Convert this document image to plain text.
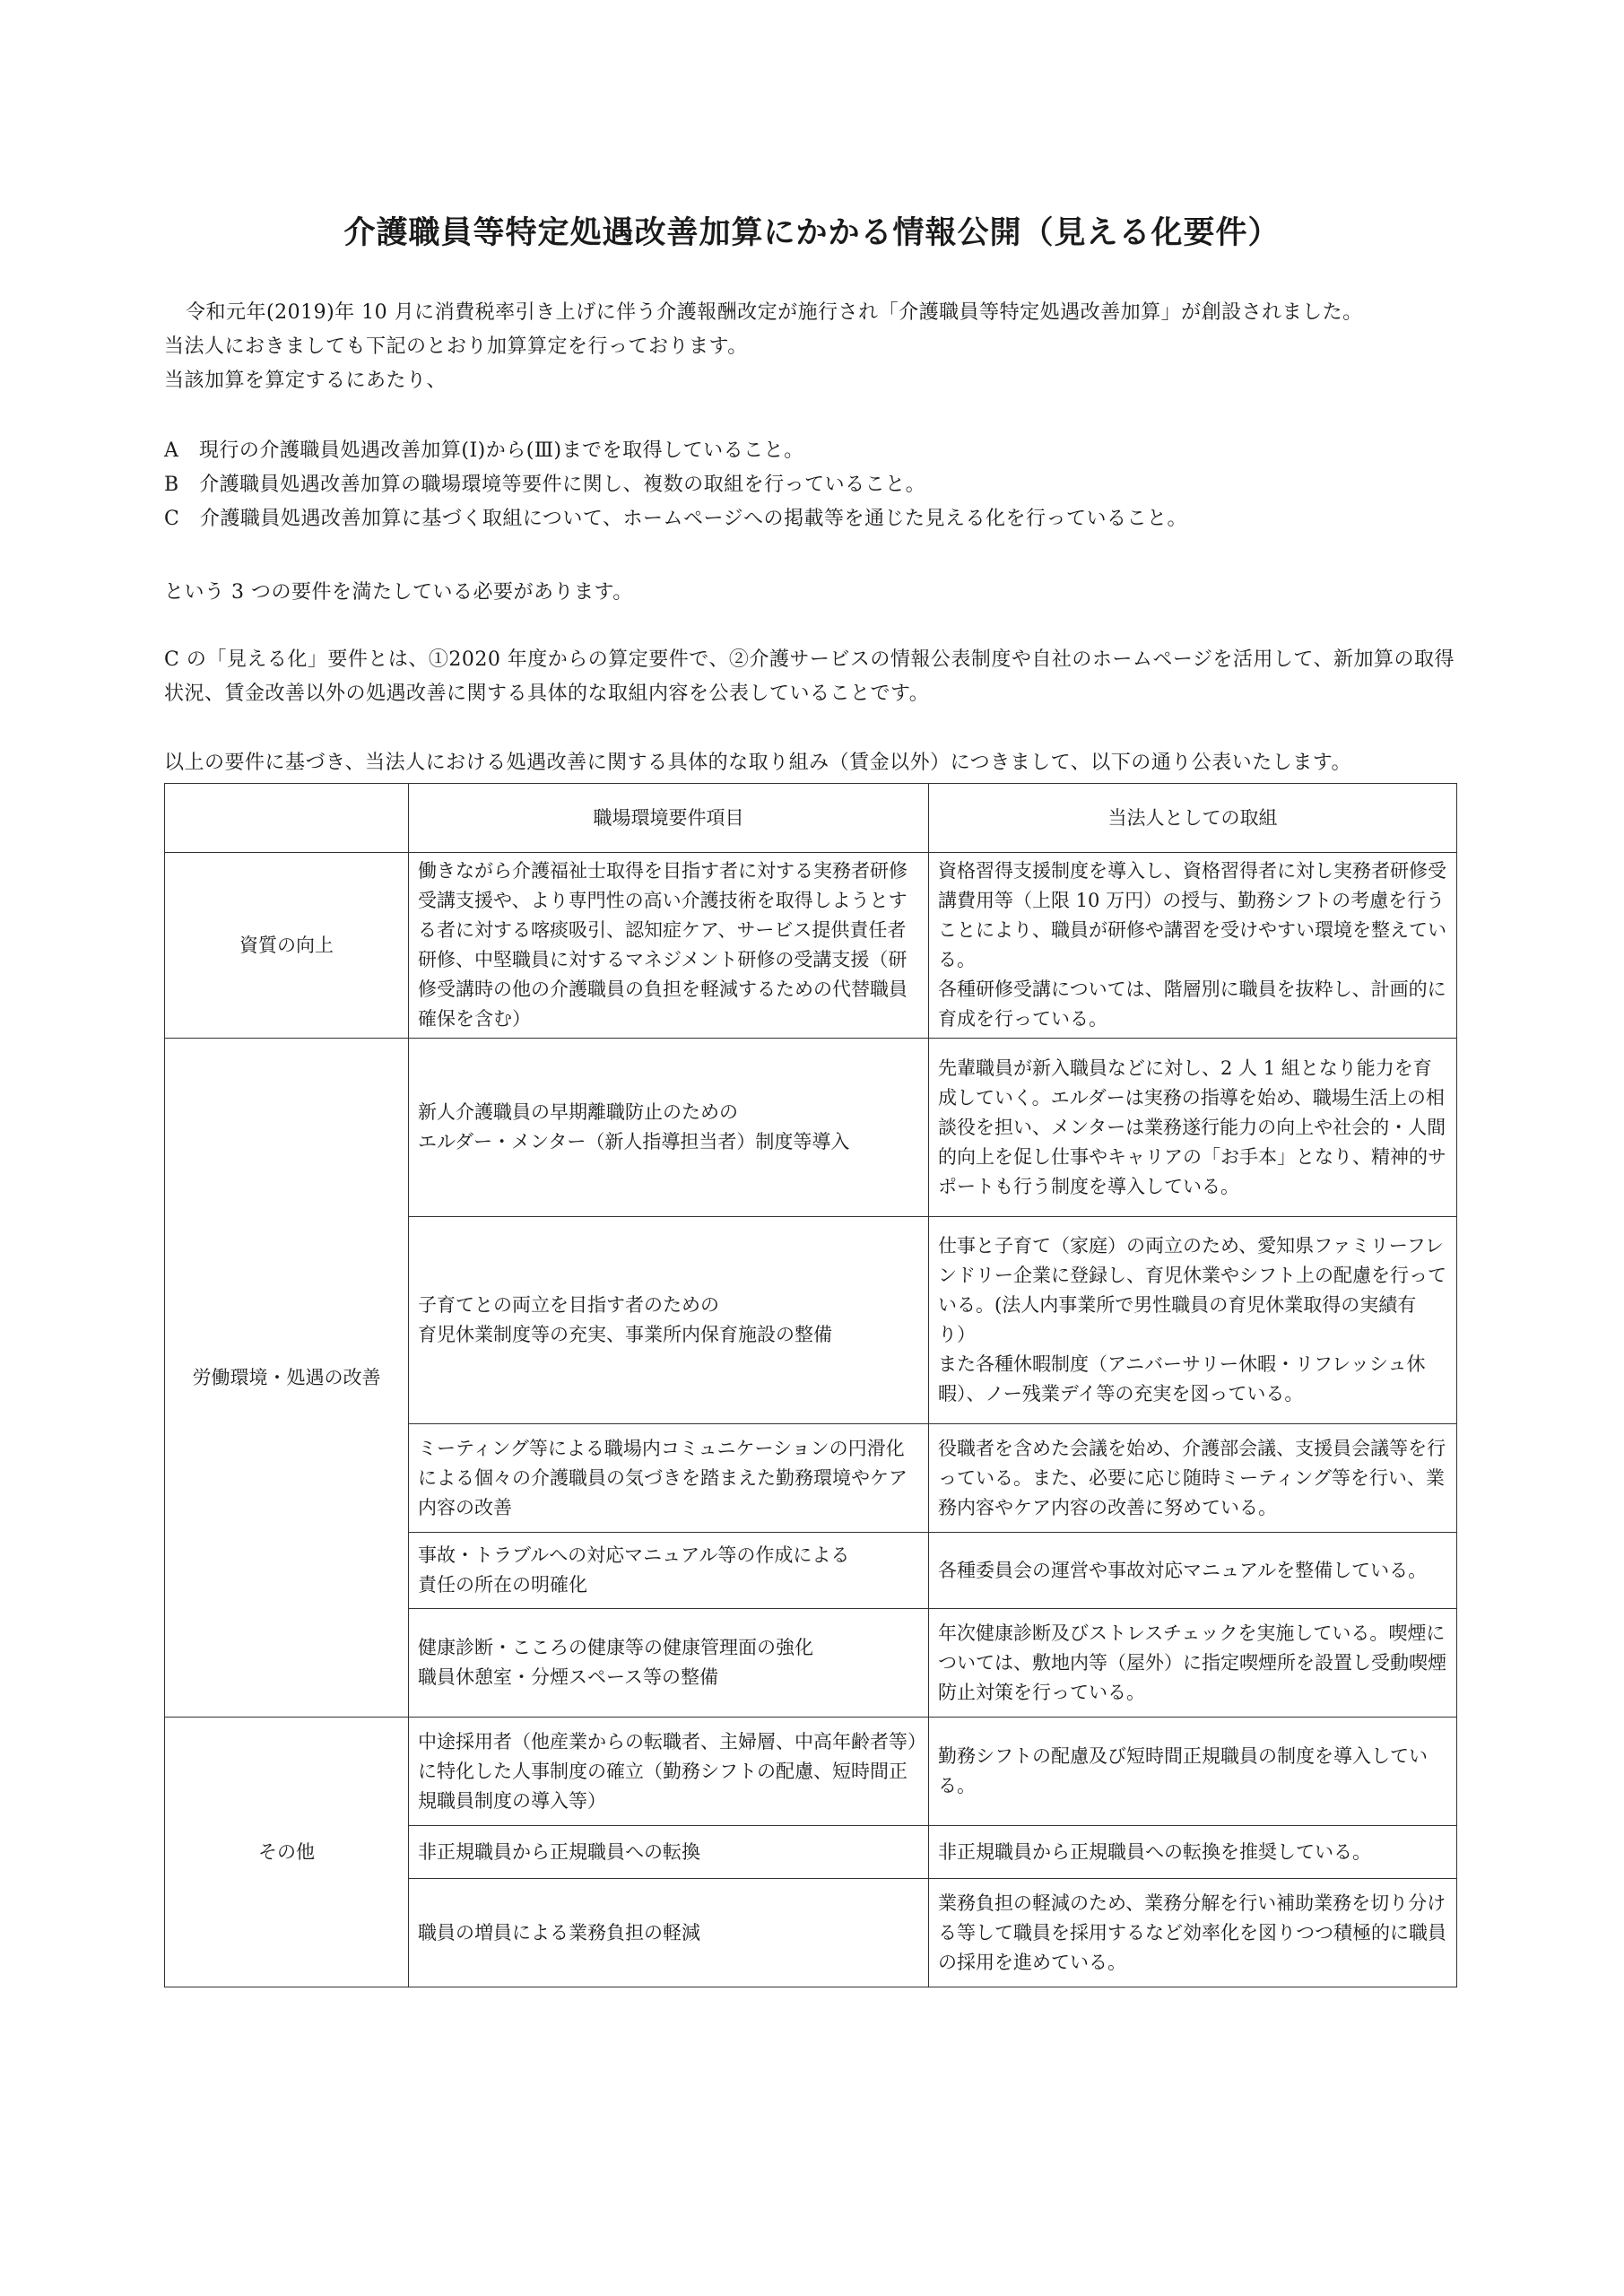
介護職員等特定処遇改善加算にかかる情報公開（見える化要件）

令和元年(2019)年 10 月に消費税率引き上げに伴う介護報酬改定が施行され「介護職員等特定処遇改善加算」が創設されました。

当法人におきましても下記のとおり加算算定を行っております。

当該加算を算定するにあたり、

A　現行の介護職員処遇改善加算(Ⅰ)から(Ⅲ)までを取得していること。

B　介護職員処遇改善加算の職場環境等要件に関し、複数の取組を行っていること。

C　介護職員処遇改善加算に基づく取組について、ホームページへの掲載等を通じた見える化を行っていること。

という 3 つの要件を満たしている必要があります。

C の「見える化」要件とは、①2020 年度からの算定要件で、②介護サービスの情報公表制度や自社のホームページを活用して、新加算の取得状況、賃金改善以外の処遇改善に関する具体的な取組内容を公表していることです。

以上の要件に基づき、当法人における処遇改善に関する具体的な取り組み（賃金以外）につきまして、以下の通り公表いたします。

	職場環境要件項目	当法人としての取組
資質の向上	働きながら介護福祉士取得を目指す者に対する実務者研修受講支援や、より専門性の高い介護技術を取得しようとする者に対する喀痰吸引、認知症ケア、サービス提供責任者研修、中堅職員に対するマネジメント研修の受講支援（研修受講時の他の介護職員の負担を軽減するための代替職員確保を含む）	資格習得支援制度を導入し、資格習得者に対し実務者研修受講費用等（上限 10 万円）の授与、勤務シフトの考慮を行うことにより、職員が研修や講習を受けやすい環境を整えている。
各種研修受講については、階層別に職員を抜粋し、計画的に育成を行っている。
労働環境・処遇の改善	新人介護職員の早期離職防止のための
エルダー・メンター（新人指導担当者）制度等導入	先輩職員が新入職員などに対し、2 人 1 組となり能力を育成していく。エルダーは実務の指導を始め、職場生活上の相談役を担い、メンターは業務遂行能力の向上や社会的・人間的向上を促し仕事やキャリアの「お手本」となり、精神的サポートも行う制度を導入している。
	子育てとの両立を目指す者のための
育児休業制度等の充実、事業所内保育施設の整備	仕事と子育て（家庭）の両立のため、愛知県ファミリーフレンドリー企業に登録し、育児休業やシフト上の配慮を行っている。(法人内事業所で男性職員の育児休業取得の実績有り）
また各種休暇制度（アニバーサリー休暇・リフレッシュ休暇）、ノー残業デイ等の充実を図っている。
	ミーティング等による職場内コミュニケーションの円滑化による個々の介護職員の気づきを踏まえた勤務環境やケア内容の改善	役職者を含めた会議を始め、介護部会議、支援員会議等を行っている。また、必要に応じ随時ミーティング等を行い、業務内容やケア内容の改善に努めている。
	事故・トラブルへの対応マニュアル等の作成による
責任の所在の明確化	各種委員会の運営や事故対応マニュアルを整備している。
	健康診断・こころの健康等の健康管理面の強化
職員休憩室・分煙スペース等の整備	年次健康診断及びストレスチェックを実施している。喫煙については、敷地内等（屋外）に指定喫煙所を設置し受動喫煙防止対策を行っている。
その他	中途採用者（他産業からの転職者、主婦層、中高年齢者等）に特化した人事制度の確立（勤務シフトの配慮、短時間正規職員制度の導入等）	勤務シフトの配慮及び短時間正規職員の制度を導入している。
	非正規職員から正規職員への転換	非正規職員から正規職員への転換を推奨している。
	職員の増員による業務負担の軽減	業務負担の軽減のため、業務分解を行い補助業務を切り分ける等して職員を採用するなど効率化を図りつつ積極的に職員の採用を進めている。
